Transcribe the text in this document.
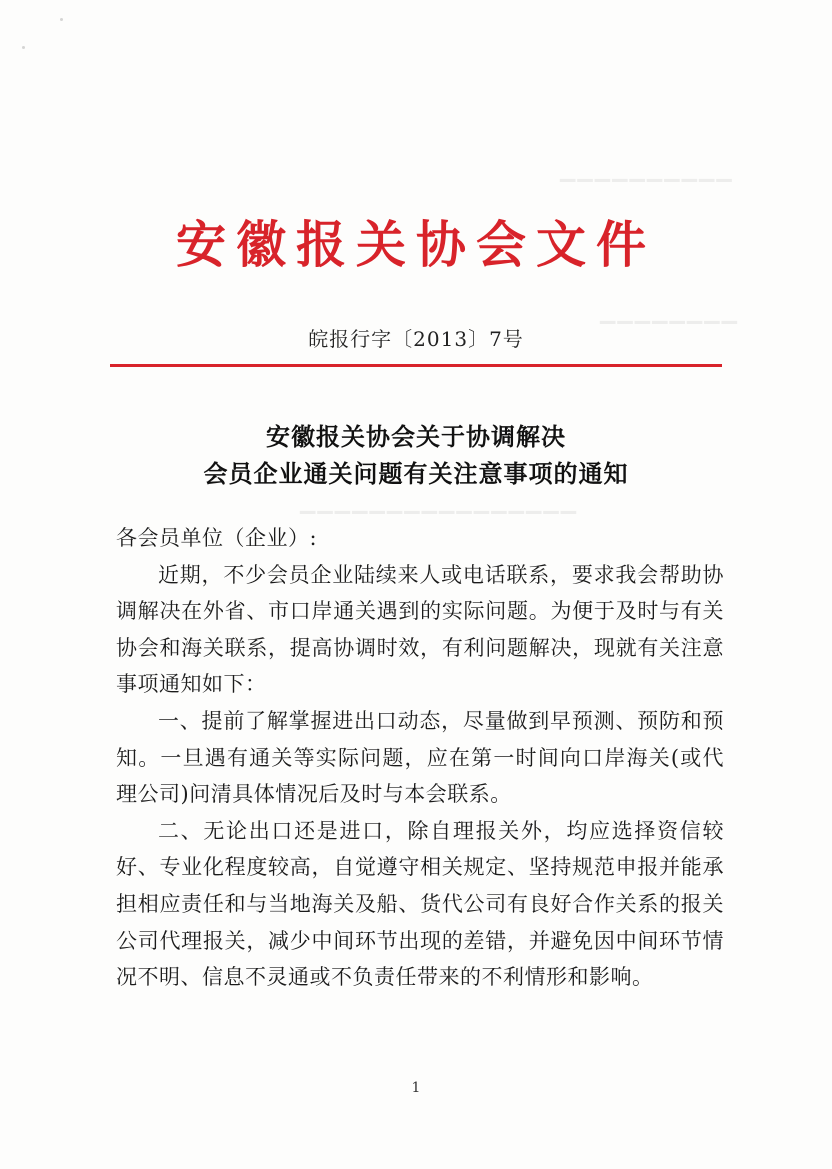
▁▁▁▁▁▁▁▁▁▁
▁▁▁▁▁▁▁▁
▁▁▁▁▁▁▁▁▁▁▁▁▁▁▁▁
安徽报关协会文件
皖报行字〔2013〕7号
安徽报关协会关于协调解决
会员企业通关问题有关注意事项的通知

各会员单位（企业）:

近期，不少会员企业陆续来人或电话联系，要求我会帮助协调解决在外省、市口岸通关遇到的实际问题。为便于及时与有关协会和海关联系，提高协调时效，有利问题解决，现就有关注意事项通知如下：

一、提前了解掌握进出口动态，尽量做到早预测、预防和预知。一旦遇有通关等实际问题，应在第一时间向口岸海关(或代理公司)问清具体情况后及时与本会联系。

二、无论出口还是进口，除自理报关外，均应选择资信较好、专业化程度较高，自觉遵守相关规定、坚持规范申报并能承担相应责任和与当地海关及船、货代公司有良好合作关系的报关公司代理报关，减少中间环节出现的差错，并避免因中间环节情况不明、信息不灵通或不负责任带来的不利情形和影响。

1
